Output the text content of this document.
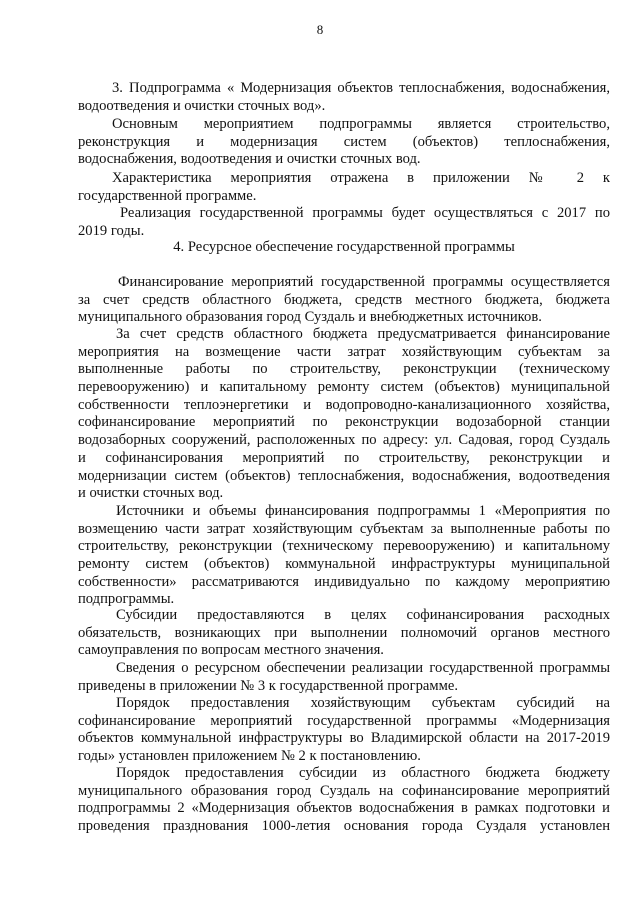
8
3. Подпрограмма « Модернизация объектов теплоснабжения, водоснабжения,
водоотведения и очистки сточных вод».
Основным мероприятием подпрограммы является строительство,
реконструкция и модернизация систем (объектов) теплоснабжения,
водоснабжения, водоотведения и очистки сточных вод.
Характеристика мероприятия отражена в приложении № 2 к
государственной программе.
Реализация государственной программы будет осуществляться с 2017 по
2019 годы.
4. Ресурсное обеспечение государственной программы
Финансирование мероприятий государственной программы осуществляется
за счет средств областного бюджета, средств местного бюджета, бюджета
муниципального образования город Суздаль и внебюджетных источников.
За счет средств областного бюджета предусматривается финансирование
мероприятия на возмещение части затрат хозяйствующим субъектам за
выполненные работы по строительству, реконструкции (техническому
перевооружению) и капитальному ремонту систем (объектов) муниципальной
собственности теплоэнергетики и водопроводно-канализационного хозяйства,
софинансирование мероприятий по реконструкции водозаборной станции
водозаборных сооружений, расположенных по адресу: ул. Садовая, город Суздаль
и софинансирования мероприятий по строительству, реконструкции и
модернизации систем (объектов) теплоснабжения, водоснабжения, водоотведения
и очистки сточных вод.
Источники и объемы финансирования подпрограммы 1 «Мероприятия по
возмещению части затрат хозяйствующим субъектам за выполненные работы по
строительству, реконструкции (техническому перевооружению) и капитальному
ремонту систем (объектов) коммунальной инфраструктуры муниципальной
собственности» рассматриваются индивидуально по каждому мероприятию
подпрограммы.
Субсидии предоставляются в целях софинансирования расходных
обязательств, возникающих при выполнении полномочий органов местного
самоуправления по вопросам местного значения.
Сведения о ресурсном обеспечении реализации государственной программы
приведены в приложении № 3 к государственной программе.
Порядок предоставления хозяйствующим субъектам субсидий на
софинансирование мероприятий государственной программы «Модернизация
объектов коммунальной инфраструктуры во Владимирской области на 2017-2019
годы» установлен приложением № 2 к постановлению.
Порядок предоставления субсидии из областного бюджета бюджету
муниципального образования город Суздаль на софинансирование мероприятий
подпрограммы 2 «Модернизация объектов водоснабжения в рамках подготовки и
проведения празднования 1000-летия основания города Суздаля установлен
